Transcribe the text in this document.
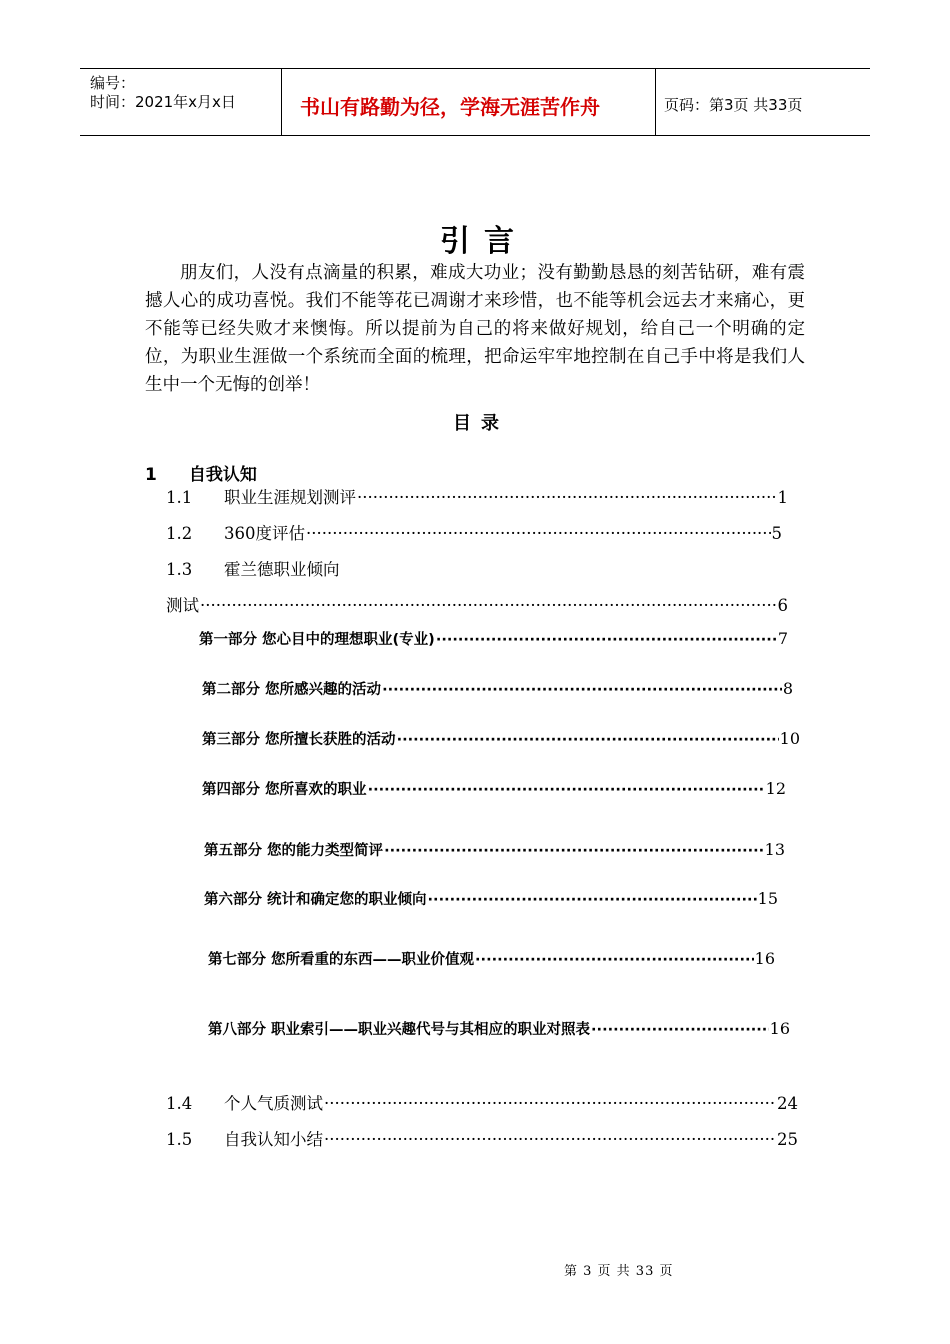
编号：
时间：2021年x月x日	书山有路勤为径，学海无涯苦作舟	页码：第3页 共33页
引言
朋友们，人没有点滴量的积累，难成大功业；没有勤勤恳恳的刻苦钻研，难有震撼人心的成功喜悦。我们不能等花已凋谢才来珍惜，也不能等机会远去才来痛心，更不能等已经失败才来懊悔。所以提前为自己的将来做好规划，给自己一个明确的定位，为职业生涯做一个系统而全面的梳理，把命运牢牢地控制在自己手中将是我们人生中一个无悔的创举！
目录
1 自我认知
1.1	职业生涯规划测评 ·····	1
1.2	360度评估 ·····	5
1.3	霍兰德职业倾向
测试 ·····	6
第一部分 您心目中的理想职业(专业) ·····	7
第二部分 您所感兴趣的活动 ·····	8
第三部分 您所擅长获胜的活动 ·····	10
第四部分 您所喜欢的职业 ·····	12
第五部分 您的能力类型简评 ·····	13
第六部分 统计和确定您的职业倾向 ·····	15
第七部分 您所看重的东西——职业价值观 ·····	16
第八部分 职业索引——职业兴趣代号与其相应的职业对照表 ·····	16
1.4	个人气质测试 ·····	24
1.5	自我认知小结 ·····	25
第 3 页 共 33 页
